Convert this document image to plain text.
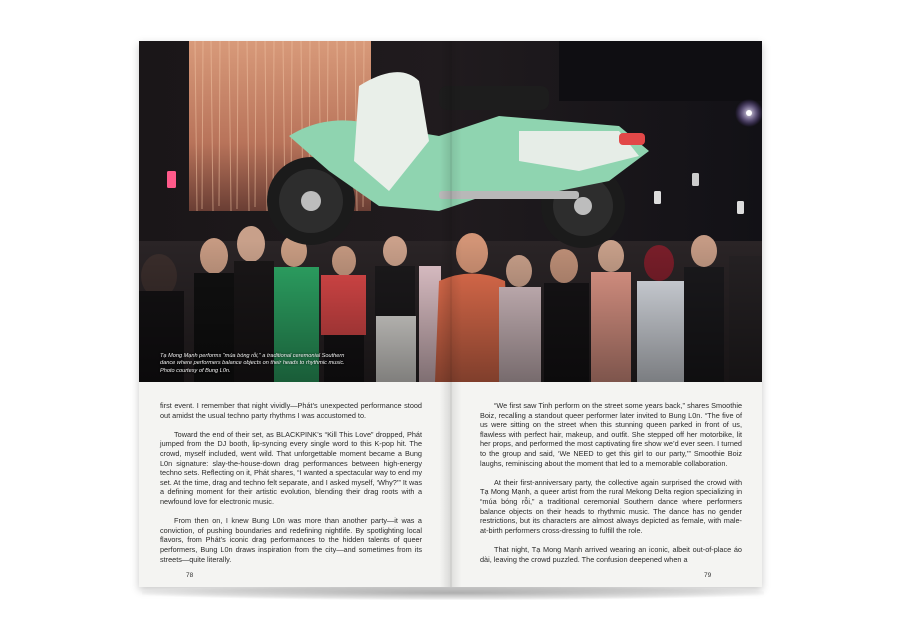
Tạ Mong Mạnh performs “múa bóng rỗi,” a traditional ceremonial Southern dance where performers balance objects on their heads to rhythmic music. Photo courtesy of Bung L0n.

first event. I remember that night vividly—Phát’s unexpected performance stood out amidst the usual techno party rhythms I was accustomed to.

Toward the end of their set, as BLACKPINK’s “Kill This Love” dropped, Phát jumped from the DJ booth, lip-syncing every single word to this K-pop hit. The crowd, myself included, went wild. That unforgettable moment became a Bung L0n signature: slay-the-house-down drag performances between high-energy techno sets. Reflecting on it, Phát shares, “I wanted a spectacular way to end my set. At the time, drag and techno felt separate, and I asked myself, ‘Why?’” It was a defining moment for their artistic evolution, blending their drag roots with a newfound love for electronic music.

From then on, I knew Bung L0n was more than another party—it was a conviction, of pushing boundaries and redefining nightlife. By spotlighting local flavors, from Phát’s iconic drag performances to the hidden talents of queer performers, Bung L0n draws inspiration from the city—and sometimes from its streets—quite literally.

78

“We first saw Tinh perform on the street some years back,” shares Smoothie Boiz, recalling a standout queer performer later invited to Bung L0n. “The five of us were sitting on the street when this stunning queen parked in front of us, flawless with perfect hair, makeup, and outfit. She stepped off her motorbike, lit her props, and performed the most captivating fire show we’d ever seen. I turned to the group and said, ‘We NEED to get this girl to our party,’” Smoothie Boiz laughs, reminiscing about the moment that led to a memorable collaboration.

At their first-anniversary party, the collective again surprised the crowd with Tạ Mong Mạnh, a queer artist from the rural Mekong Delta region specializing in “múa bóng rỗi,” a traditional ceremonial Southern dance where performers balance objects on their heads to rhythmic music. The dance has no gender restrictions, but its characters are almost always depicted as female, with male-at-birth performers cross-dressing to fulfill the role.

That night, Tạ Mong Mạnh arrived wearing an iconic, albeit out-of-place áo dài, leaving the crowd puzzled. The confusion deepened when a

79
